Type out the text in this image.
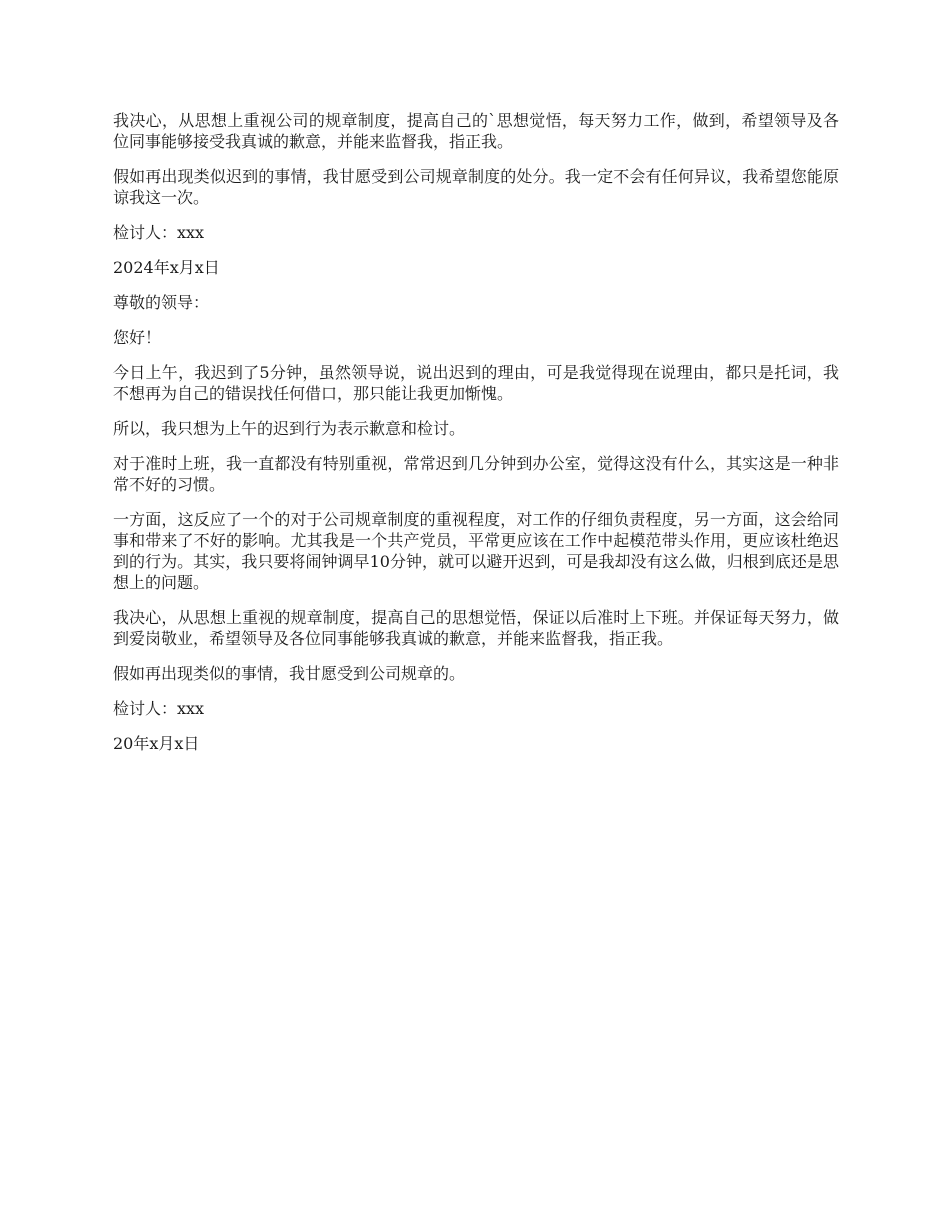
我决心，从思想上重视公司的规章制度，提高自己的`思想觉悟，每天努力工作，做到，希望领导及各位同事能够接受我真诚的歉意，并能来监督我，指正我。

假如再出现类似迟到的事情，我甘愿受到公司规章制度的处分。我一定不会有任何异议，我希望您能原谅我这一次。

检讨人：xxx

2024年x月x日

尊敬的领导：

您好！

今日上午，我迟到了5分钟，虽然领导说，说出迟到的理由，可是我觉得现在说理由，都只是托词，我不想再为自己的错误找任何借口，那只能让我更加惭愧。

所以，我只想为上午的迟到行为表示歉意和检讨。

对于准时上班，我一直都没有特别重视，常常迟到几分钟到办公室，觉得这没有什么，其实这是一种非常不好的习惯。

一方面，这反应了一个的对于公司规章制度的重视程度，对工作的仔细负责程度，另一方面，这会给同事和带来了不好的影响。尤其我是一个共产党员，平常更应该在工作中起模范带头作用，更应该杜绝迟到的行为。其实，我只要将闹钟调早10分钟，就可以避开迟到，可是我却没有这么做，归根到底还是思想上的问题。

我决心，从思想上重视的规章制度，提高自己的思想觉悟，保证以后准时上下班。并保证每天努力，做到爱岗敬业，希望领导及各位同事能够我真诚的歉意，并能来监督我，指正我。

假如再出现类似的事情，我甘愿受到公司规章的。

检讨人：xxx

20年x月x日
